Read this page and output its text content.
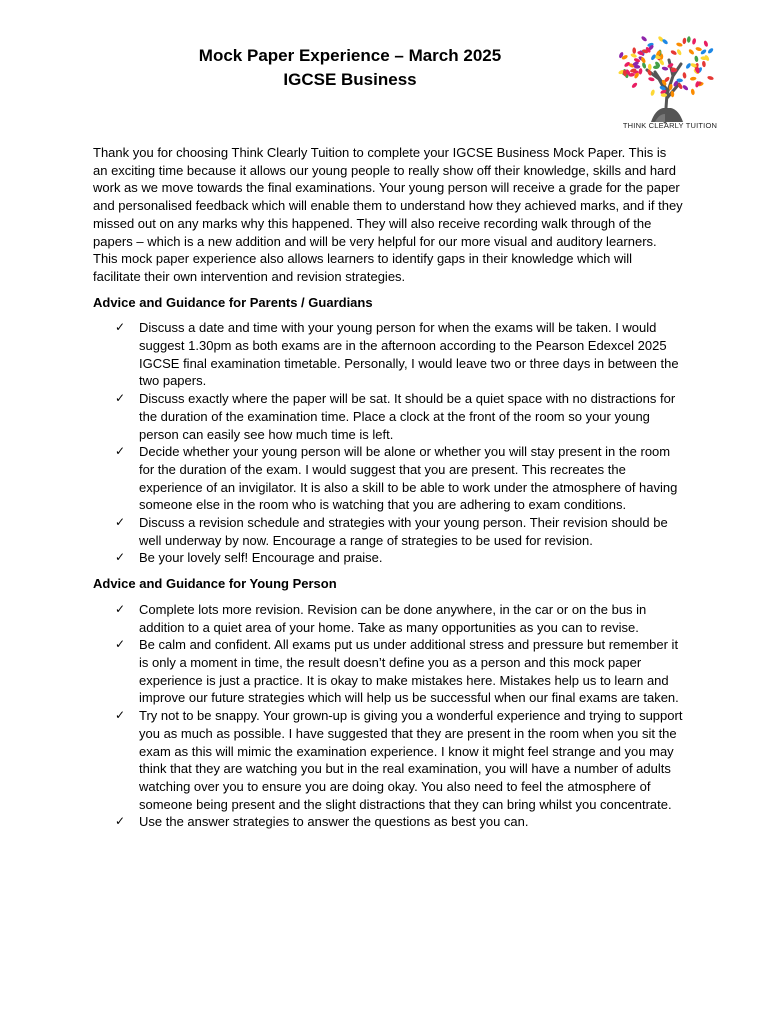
Mock Paper Experience – March 2025
IGCSE Business
THINK CLEARLY TUITION

Thank you for choosing Think Clearly Tuition to complete your IGCSE Business Mock Paper. This is an exciting time because it allows our young people to really show off their knowledge, skills and hard work as we move towards the final examinations. Your young person will receive a grade for the paper and personalised feedback which will enable them to understand how they achieved marks, and if they missed out on any marks why this happened. They will also receive recording walk through of the papers – which is a new addition and will be very helpful for our more visual and auditory learners. This mock paper experience also allows learners to identify gaps in their knowledge which will facilitate their own intervention and revision strategies.

Advice and Guidance for Parents / Guardians

✓ Discuss a date and time with your young person for when the exams will be taken. I would suggest 1.30pm as both exams are in the afternoon according to the Pearson Edexcel 2025 IGCSE final examination timetable. Personally, I would leave two or three days in between the two papers.
✓ Discuss exactly where the paper will be sat. It should be a quiet space with no distractions for the duration of the examination time. Place a clock at the front of the room so your young person can easily see how much time is left.
✓ Decide whether your young person will be alone or whether you will stay present in the room for the duration of the exam. I would suggest that you are present. This recreates the experience of an invigilator. It is also a skill to be able to work under the atmosphere of having someone else in the room who is watching that you are adhering to exam conditions.
✓ Discuss a revision schedule and strategies with your young person. Their revision should be well underway by now. Encourage a range of strategies to be used for revision.
✓ Be your lovely self! Encourage and praise.

Advice and Guidance for Young Person

✓ Complete lots more revision. Revision can be done anywhere, in the car or on the bus in addition to a quiet area of your home. Take as many opportunities as you can to revise.
✓ Be calm and confident. All exams put us under additional stress and pressure but remember it is only a moment in time, the result doesn’t define you as a person and this mock paper experience is just a practice. It is okay to make mistakes here. Mistakes help us to learn and improve our future strategies which will help us be successful when our final exams are taken.
✓ Try not to be snappy. Your grown-up is giving you a wonderful experience and trying to support you as much as possible. I have suggested that they are present in the room when you sit the exam as this will mimic the examination experience. I know it might feel strange and you may think that they are watching you but in the real examination, you will have a number of adults watching over you to ensure you are doing okay. You also need to feel the atmosphere of someone being present and the slight distractions that they can bring whilst you concentrate.
✓ Use the answer strategies to answer the questions as best you can.
